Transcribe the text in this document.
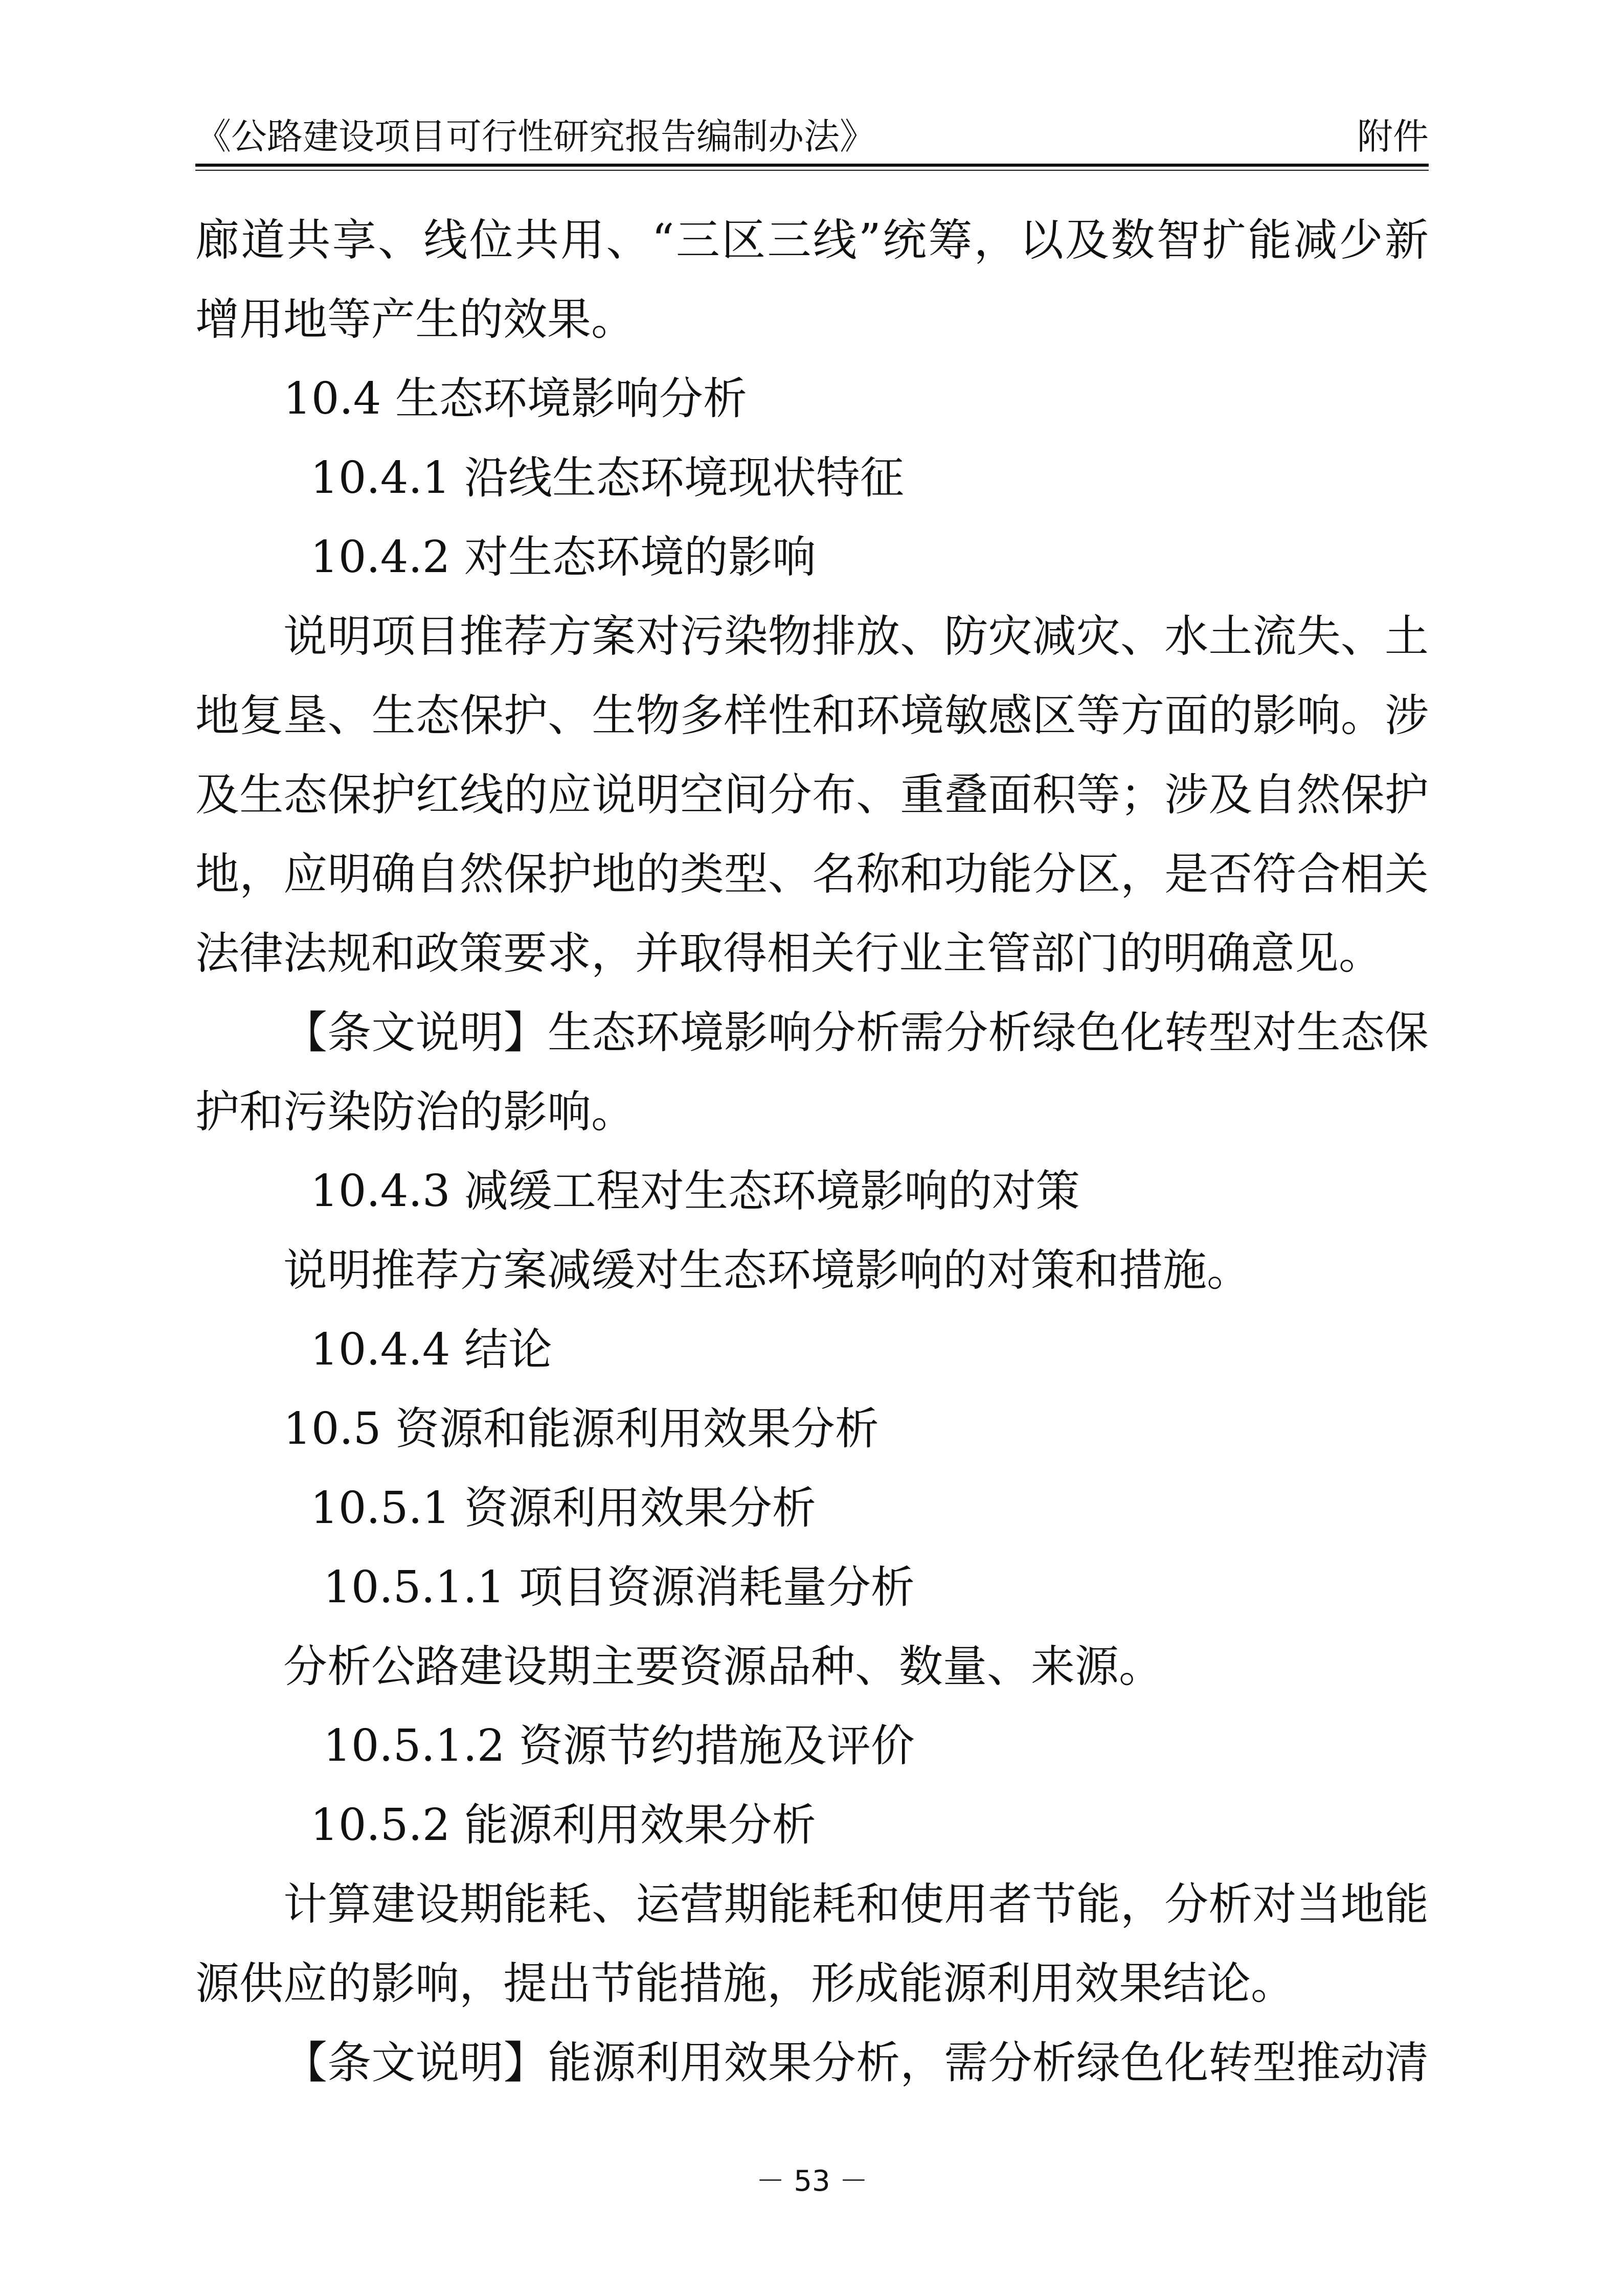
《公路建设项目可行性研究报告编制办法》	附件
廊道共享、线位共用、“三区三线”统筹，以及数智扩能减少新
增用地等产生的效果。
10.4 生态环境影响分析
10.4.1 沿线生态环境现状特征
10.4.2 对生态环境的影响
说明项目推荐方案对污染物排放、防灾减灾、水土流失、土
地复垦、生态保护、生物多样性和环境敏感区等方面的影响。涉
及生态保护红线的应说明空间分布、重叠面积等；涉及自然保护
地，应明确自然保护地的类型、名称和功能分区，是否符合相关
法律法规和政策要求，并取得相关行业主管部门的明确意见。
【条文说明】生态环境影响分析需分析绿色化转型对生态保
护和污染防治的影响。
10.4.3 减缓工程对生态环境影响的对策
说明推荐方案减缓对生态环境影响的对策和措施。
10.4.4 结论
10.5 资源和能源利用效果分析
10.5.1 资源利用效果分析
10.5.1.1 项目资源消耗量分析
分析公路建设期主要资源品种、数量、来源。
10.5.1.2 资源节约措施及评价
10.5.2 能源利用效果分析
计算建设期能耗、运营期能耗和使用者节能，分析对当地能
源供应的影响，提出节能措施，形成能源利用效果结论。
【条文说明】能源利用效果分析，需分析绿色化转型推动清
－ 53 －
